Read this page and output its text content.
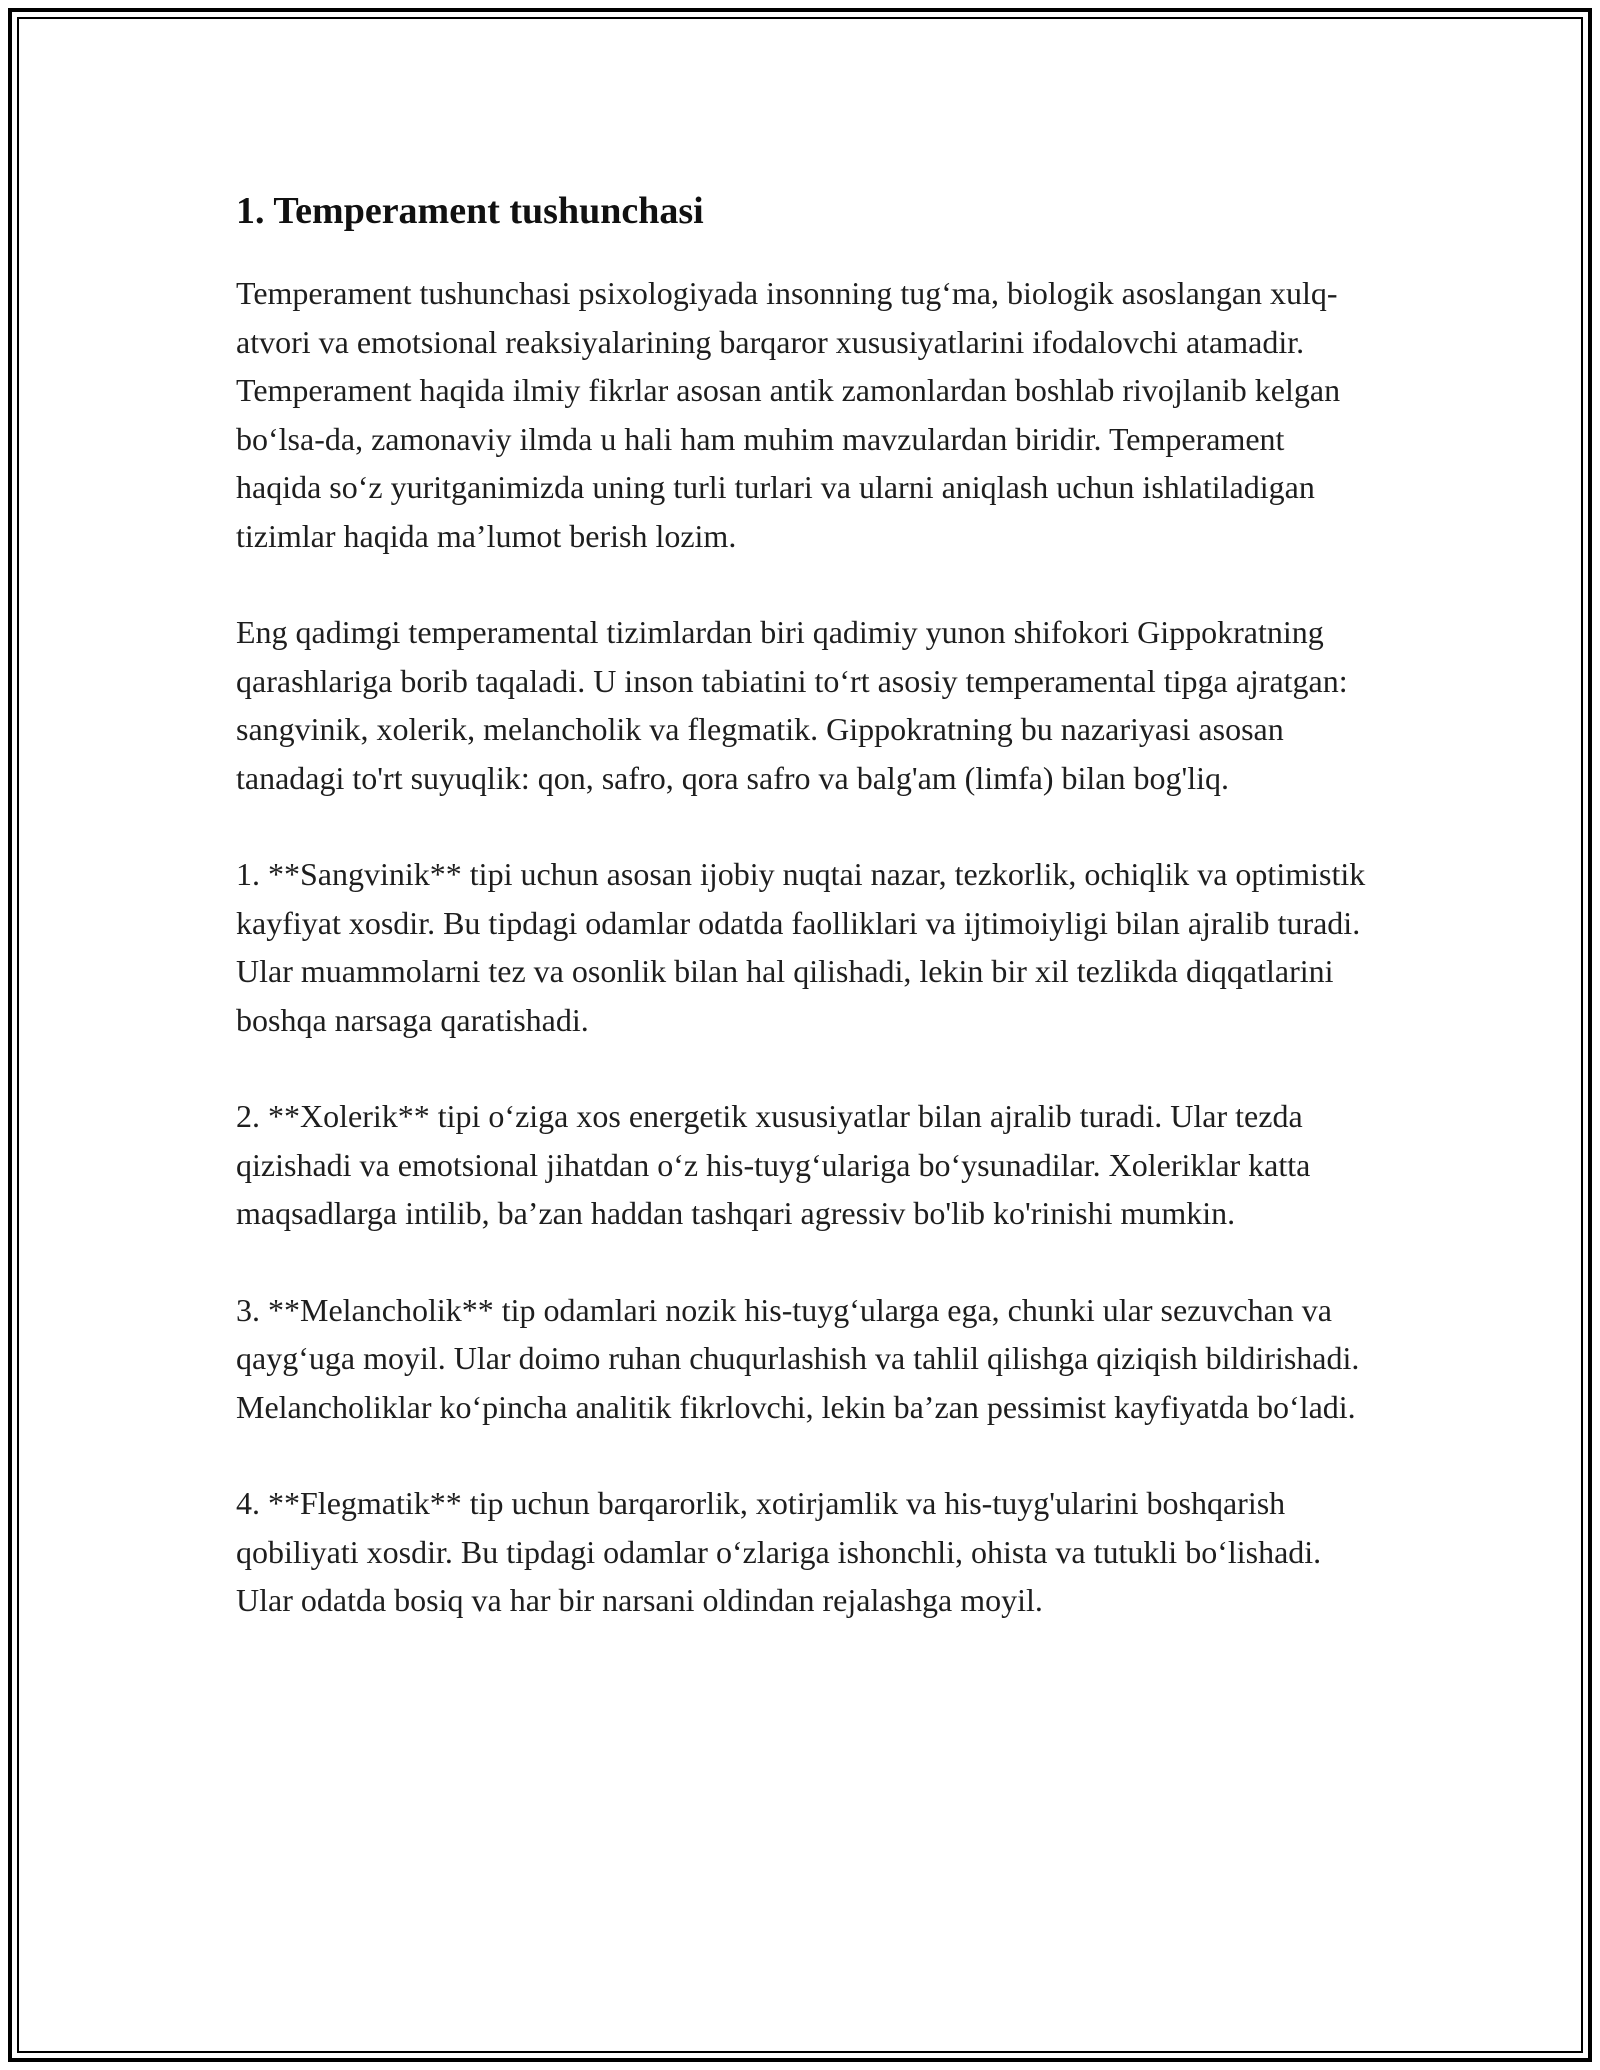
1. Temperament tushunchasi

Temperament tushunchasi psixologiyada insonning tug‘ma, biologik asoslangan xulq-atvori va emotsional reaksiyalarining barqaror xususiyatlarini ifodalovchi atamadir. Temperament haqida ilmiy fikrlar asosan antik zamonlardan boshlab rivojlanib kelgan bo‘lsa-da, zamonaviy ilmda u hali ham muhim mavzulardan biridir. Temperament haqida so‘z yuritganimizda uning turli turlari va ularni aniqlash uchun ishlatiladigan tizimlar haqida ma’lumot berish lozim.

Eng qadimgi temperamental tizimlardan biri qadimiy yunon shifokori Gippokratning qarashlariga borib taqaladi. U inson tabiatini to‘rt asosiy temperamental tipga ajratgan: sangvinik, xolerik, melancholik va flegmatik. Gippokratning bu nazariyasi asosan tanadagi to'rt suyuqlik: qon, safro, qora safro va balg'am (limfa) bilan bog'liq.

1. **Sangvinik** tipi uchun asosan ijobiy nuqtai nazar, tezkorlik, ochiqlik va optimistik kayfiyat xosdir. Bu tipdagi odamlar odatda faolliklari va ijtimoiyligi bilan ajralib turadi. Ular muammolarni tez va osonlik bilan hal qilishadi, lekin bir xil tezlikda diqqatlarini boshqa narsaga qaratishadi.

2. **Xolerik** tipi o‘ziga xos energetik xususiyatlar bilan ajralib turadi. Ular tezda qizishadi va emotsional jihatdan o‘z his-tuyg‘ulariga bo‘ysunadilar. Xoleriklar katta maqsadlarga intilib, ba’zan haddan tashqari agressiv bo'lib ko'rinishi mumkin.

3. **Melancholik** tip odamlari nozik his-tuyg‘ularga ega, chunki ular sezuvchan va qayg‘uga moyil. Ular doimo ruhan chuqurlashish va tahlil qilishga qiziqish bildirishadi. Melancholiklar ko‘pincha analitik fikrlovchi, lekin ba’zan pessimist kayfiyatda bo‘ladi.

4. **Flegmatik** tip uchun barqarorlik, xotirjamlik va his-tuyg'ularini boshqarish qobiliyati xosdir. Bu tipdagi odamlar o‘zlariga ishonchli, ohista va tutukli bo‘lishadi. Ular odatda bosiq va har bir narsani oldindan rejalashga moyil.
